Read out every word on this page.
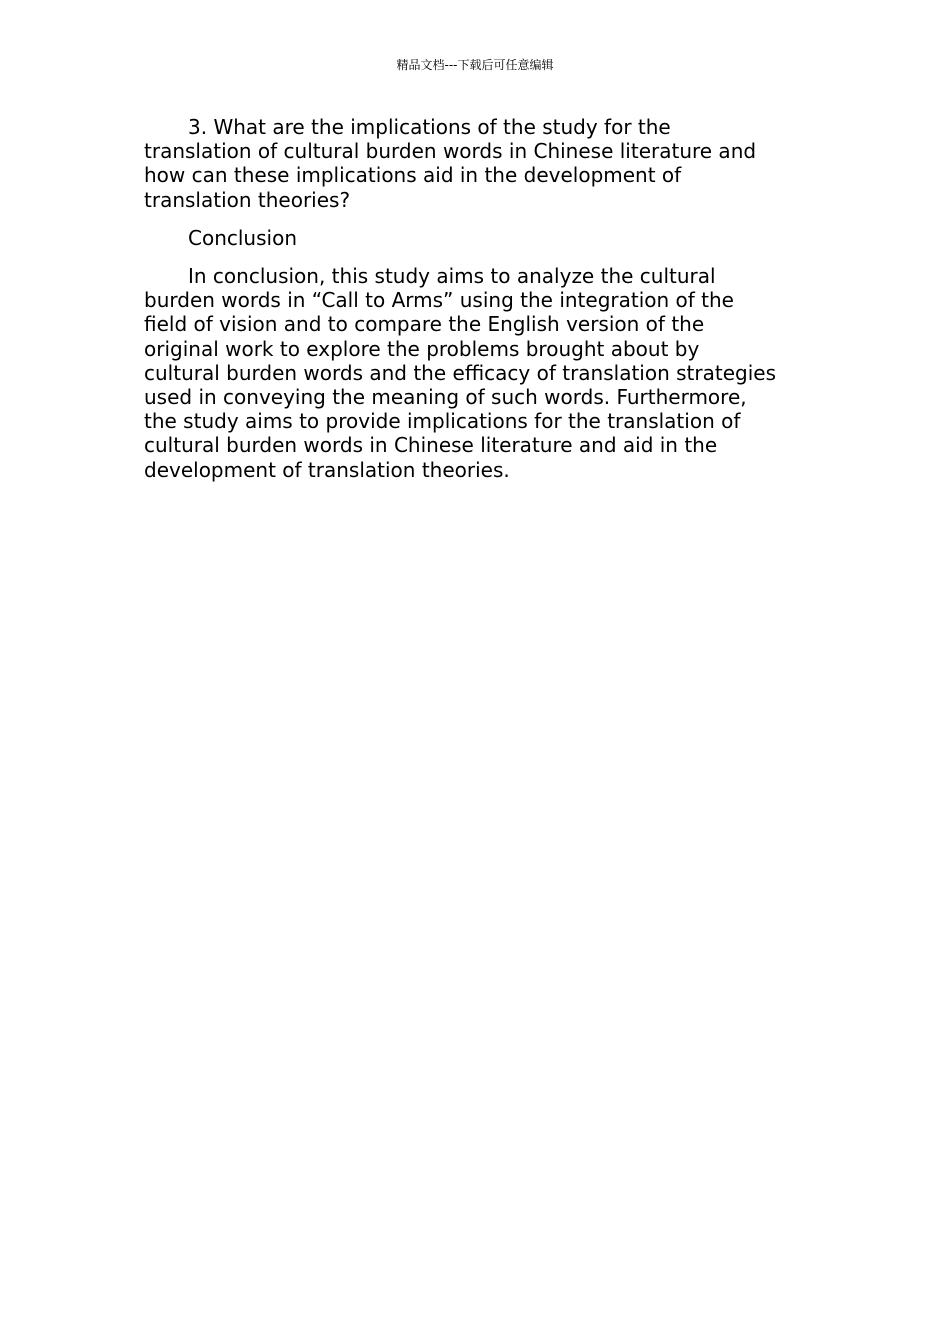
精品文档---下载后可任意编辑

3. What are the implications of the study for the
translation of cultural burden words in Chinese literature and
how can these implications aid in the development of
translation theories?

Conclusion

In conclusion, this study aims to analyze the cultural
burden words in “Call to Arms” using the integration of the
field of vision and to compare the English version of the
original work to explore the problems brought about by
cultural burden words and the efficacy of translation strategies
used in conveying the meaning of such words. Furthermore,
the study aims to provide implications for the translation of
cultural burden words in Chinese literature and aid in the
development of translation theories.
